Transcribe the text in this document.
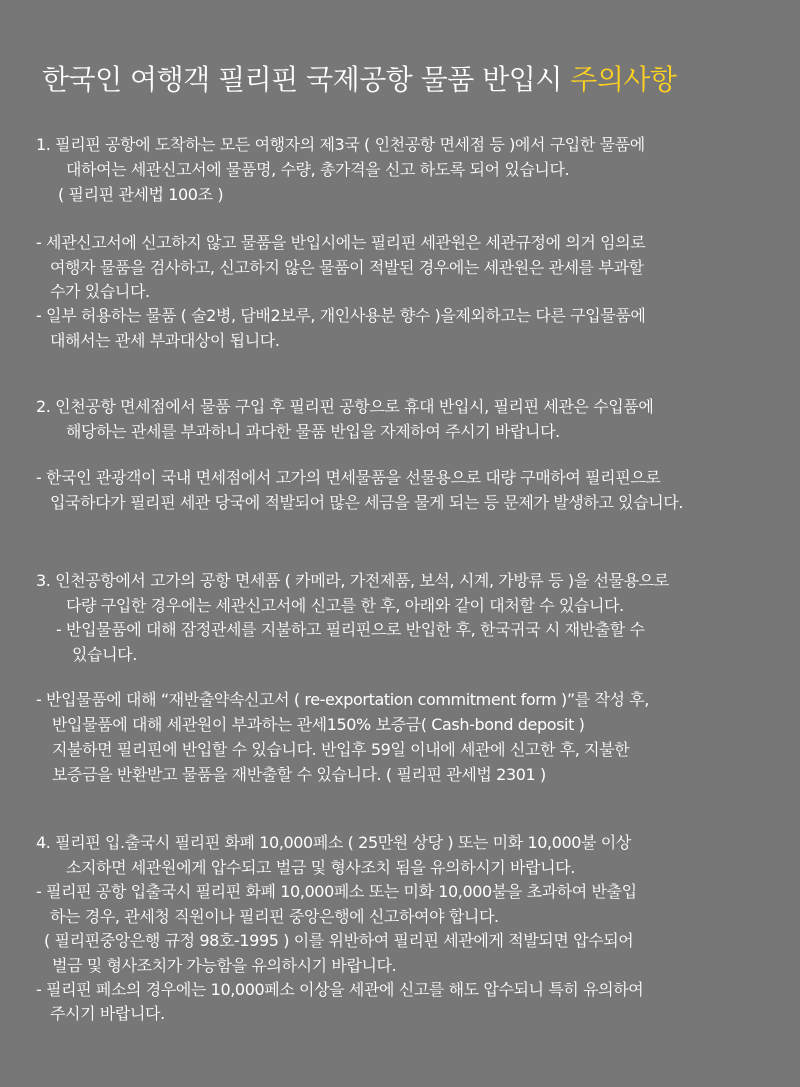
한국인 여행객 필리핀 국제공항 물품 반입시 주의사항
1. 필리핀 공항에 도착하는 모든 여행자의 제3국 ( 인천공항 면세점 등 )에서 구입한 물품에
대하여는 세관신고서에 물품명, 수량, 총가격을 신고 하도록 되어 있습니다.
( 필리핀 관세법 100조 )
- 세관신고서에 신고하지 않고 물품을 반입시에는 필리핀 세관원은 세관규정에 의거 임의로
여행자 물품을 검사하고, 신고하지 않은 물품이 적발된 경우에는 세관원은 관세를 부과할
수가 있습니다.
- 일부 허용하는 물품 ( 술2병, 담배2보루, 개인사용분 향수 )을제외하고는 다른 구입물품에
대해서는 관세 부과대상이 됩니다.
2. 인천공항 면세점에서 물품 구입 후 필리핀 공항으로 휴대 반입시, 필리핀 세관은 수입품에
해당하는 관세를 부과하니 과다한 물품 반입을 자제하여 주시기 바랍니다.
- 한국인 관광객이 국내 면세점에서 고가의 면세물품을 선물용으로 대량 구매하여 필리핀으로
입국하다가 필리핀 세관 당국에 적발되어 많은 세금을 물게 되는 등 문제가 발생하고 있습니다.
3. 인천공항에서 고가의 공항 면세품 ( 카메라, 가전제품, 보석, 시계, 가방류 등 )을 선물용으로
다량 구입한 경우에는 세관신고서에 신고를 한 후, 아래와 같이 대처할 수 있습니다.
- 반입물품에 대해 잠정관세를 지불하고 필리핀으로 반입한 후, 한국귀국 시 재반출할 수
있습니다.
- 반입물품에 대해 “재반출약속신고서 ( re-exportation commitment form )”를 작성 후,
반입물품에 대해 세관원이 부과하는 관세150% 보증금( Cash-bond deposit )
지불하면 필리핀에 반입할 수 있습니다. 반입후 59일 이내에 세관에 신고한 후, 지불한
보증금을 반환받고 물품을 재반출할 수 있습니다. ( 필리핀 관세법 2301 )
4. 필리핀 입.출국시 필리핀 화폐 10,000페소 ( 25만원 상당 ) 또는 미화 10,000불 이상
소지하면 세관원에게 압수되고 벌금 및 형사조치 됨을 유의하시기 바랍니다.
- 필리핀 공항 입출국시 필리핀 화폐 10,000페소 또는 미화 10,000불을 초과하여 반출입
하는 경우, 관세청 직원이나 필리핀 중앙은행에 신고하여야 합니다.
( 필리핀중앙은행 규정 98호-1995 ) 이를 위반하여 필리핀 세관에게 적발되면 압수되어
벌금 및 형사조치가 가능함을 유의하시기 바랍니다.
- 필리핀 페소의 경우에는 10,000페소 이상을 세관에 신고를 해도 압수되니 특히 유의하여
주시기 바랍니다.
